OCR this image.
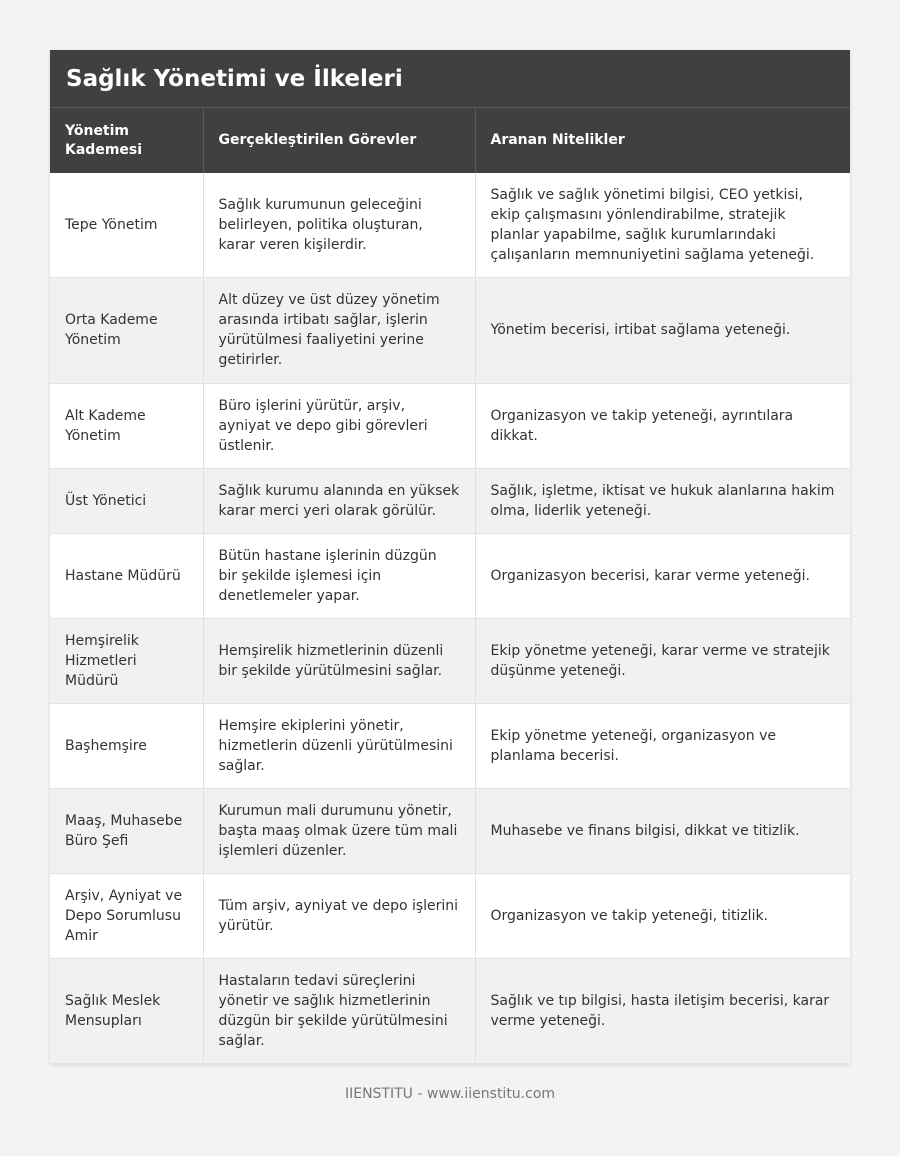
Sağlık Yönetimi ve İlkeleri
Yönetim Kademesi	Gerçekleştirilen Görevler	Aranan Nitelikler
Tepe Yönetim	Sağlık kurumunun geleceğini belirleyen, politika oluşturan, karar veren kişilerdir.	Sağlık ve sağlık yönetimi bilgisi, CEO yetkisi, ekip çalışmasını yönlendirabilme, stratejik planlar yapabilme, sağlık kurumlarındaki çalışanların memnuniyetini sağlama yeteneği.
Orta Kademe Yönetim	Alt düzey ve üst düzey yönetim arasında irtibatı sağlar, işlerin yürütülmesi faaliyetini yerine getirirler.	Yönetim becerisi, irtibat sağlama yeteneği.
Alt Kademe Yönetim	Büro işlerini yürütür, arşiv, ayniyat ve depo gibi görevleri üstlenir.	Organizasyon ve takip yeteneği, ayrıntılara dikkat.
Üst Yönetici	Sağlık kurumu alanında en yüksek karar merci yeri olarak görülür.	Sağlık, işletme, iktisat ve hukuk alanlarına hakim olma, liderlik yeteneği.
Hastane Müdürü	Bütün hastane işlerinin düzgün bir şekilde işlemesi için denetlemeler yapar.	Organizasyon becerisi, karar verme yeteneği.
Hemşirelik Hizmetleri Müdürü	Hemşirelik hizmetlerinin düzenli bir şekilde yürütülmesini sağlar.	Ekip yönetme yeteneği, karar verme ve stratejik düşünme yeteneği.
Başhemşire	Hemşire ekiplerini yönetir, hizmetlerin düzenli yürütülmesini sağlar.	Ekip yönetme yeteneği, organizasyon ve planlama becerisi.
Maaş, Muhasebe Büro Şefi	Kurumun mali durumunu yönetir, başta maaş olmak üzere tüm mali işlemleri düzenler.	Muhasebe ve finans bilgisi, dikkat ve titizlik.
Arşiv, Ayniyat ve Depo Sorumlusu Amir	Tüm arşiv, ayniyat ve depo işlerini yürütür.	Organizasyon ve takip yeteneği, titizlik.
Sağlık Meslek Mensupları	Hastaların tedavi süreçlerini yönetir ve sağlık hizmetlerinin düzgün bir şekilde yürütülmesini sağlar.	Sağlık ve tıp bilgisi, hasta iletişim becerisi, karar verme yeteneği.
IIENSTITU - www.iienstitu.com
